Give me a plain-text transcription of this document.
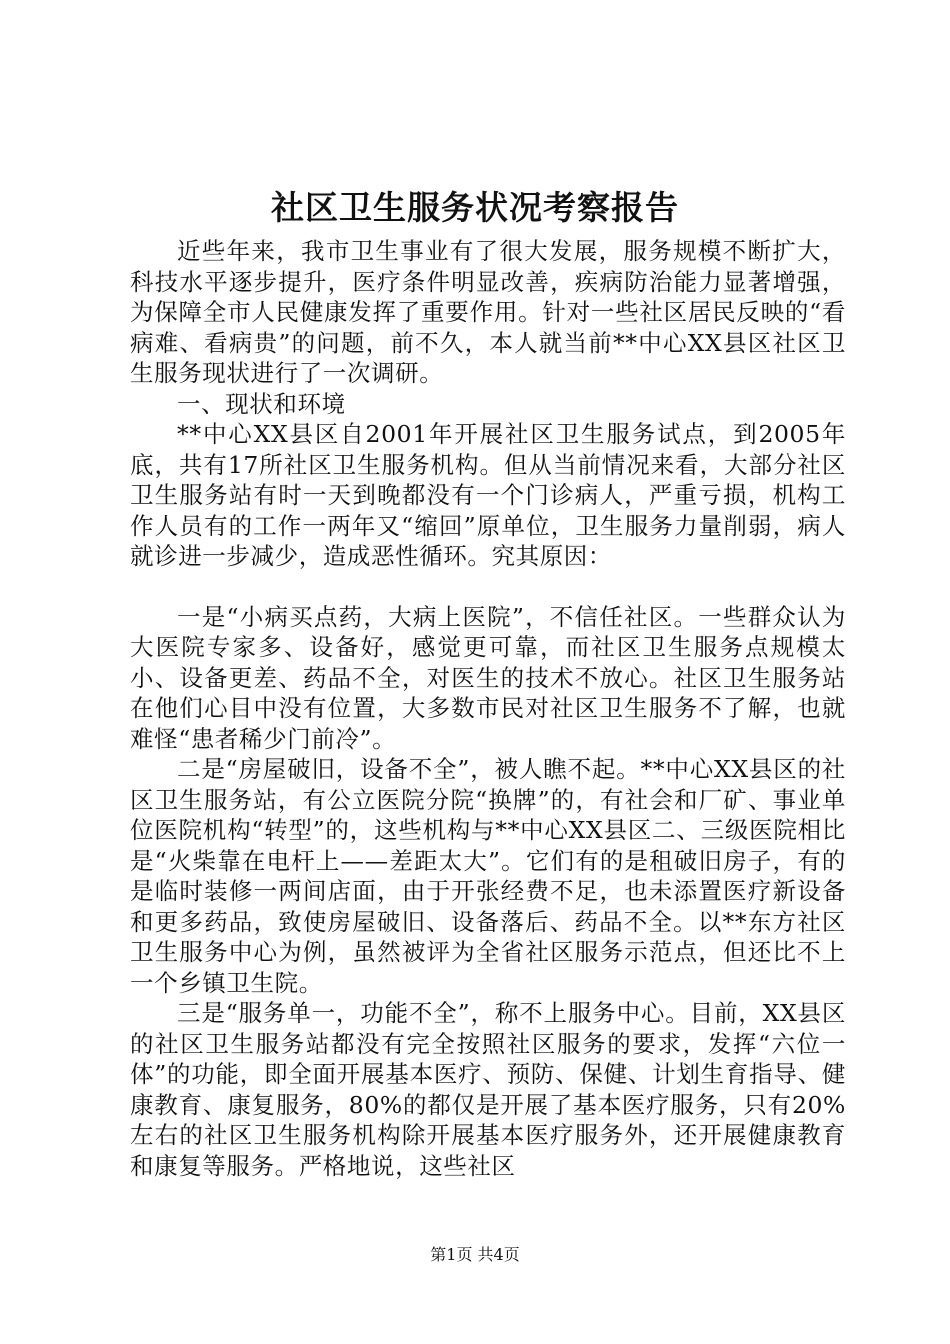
社区卫生服务状况考察报告

近些年来，我市卫生事业有了很大发展，服务规模不断扩大，科技水平逐步提升，医疗条件明显改善，疾病防治能力显著增强，为保障全市人民健康发挥了重要作用。针对一些社区居民反映的“看病难、看病贵”的问题，前不久，本人就当前**中心XX县区社区卫生服务现状进行了一次调研。

一、现状和环境

**中心XX县区自2001年开展社区卫生服务试点，到2005年底，共有17所社区卫生服务机构。但从当前情况来看，大部分社区卫生服务站有时一天到晚都没有一个门诊病人，严重亏损，机构工作人员有的工作一两年又“缩回”原单位，卫生服务力量削弱，病人就诊进一步减少，造成恶性循环。究其原因：

一是“小病买点药，大病上医院”，不信任社区。一些群众认为大医院专家多、设备好，感觉更可靠，而社区卫生服务点规模太小、设备更差、药品不全，对医生的技术不放心。社区卫生服务站在他们心目中没有位置，大多数市民对社区卫生服务不了解，也就难怪“患者稀少门前冷”。

二是“房屋破旧，设备不全”，被人瞧不起。**中心XX县区的社区卫生服务站，有公立医院分院“换牌”的，有社会和厂矿、事业单位医院机构“转型”的，这些机构与**中心XX县区二、三级医院相比是“火柴靠在电杆上——差距太大”。它们有的是租破旧房子，有的是临时装修一两间店面，由于开张经费不足，也未添置医疗新设备和更多药品，致使房屋破旧、设备落后、药品不全。以**东方社区卫生服务中心为例，虽然被评为全省社区服务示范点，但还比不上一个乡镇卫生院。

三是“服务单一，功能不全”，称不上服务中心。目前，XX县区的社区卫生服务站都没有完全按照社区服务的要求，发挥“六位一体”的功能，即全面开展基本医疗、预防、保健、计划生育指导、健康教育、康复服务，80%的都仅是开展了基本医疗服务，只有20%左右的社区卫生服务机构除开展基本医疗服务外，还开展健康教育和康复等服务。严格地说，这些社区

第1页 共4页
